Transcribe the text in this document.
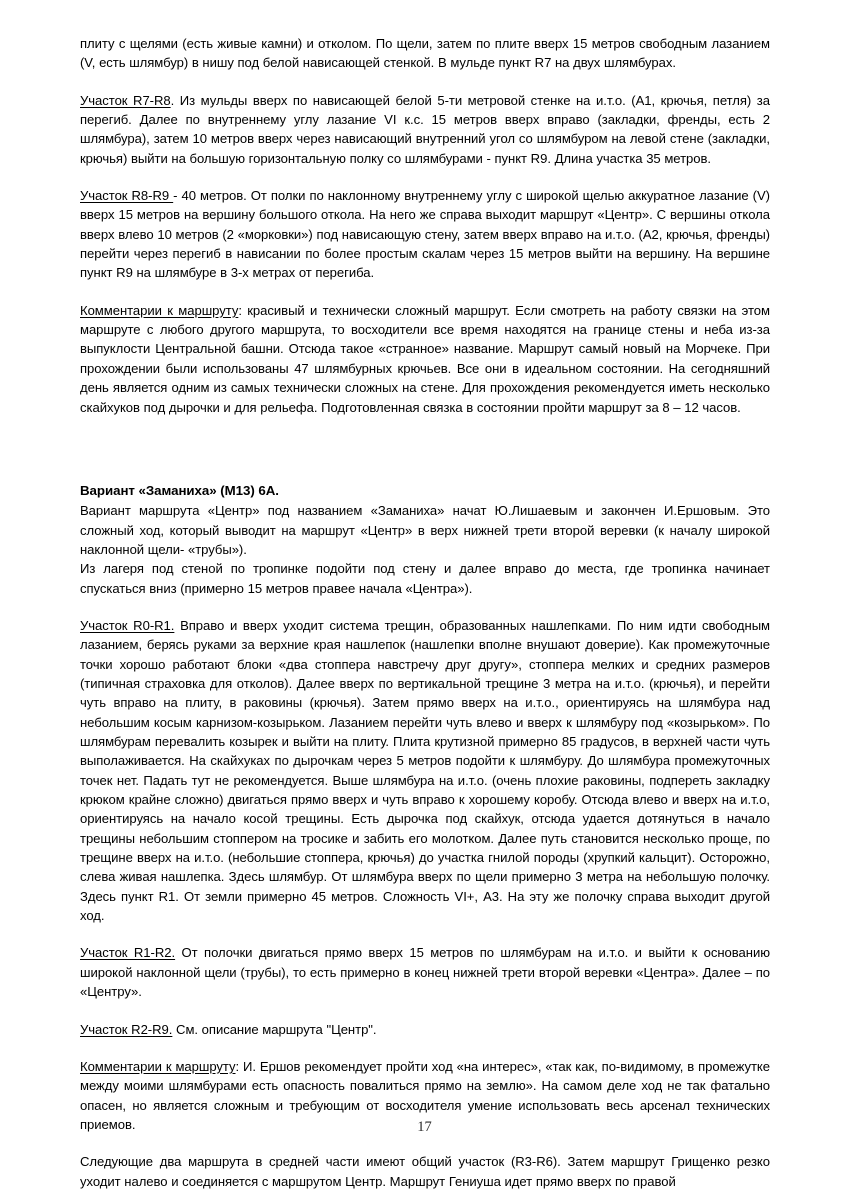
плиту с щелями (есть живые камни) и отколом. По щели, затем по плите вверх 15 метров свободным лазанием (V, есть шлямбур) в нишу под белой нависающей стенкой. В мульде пункт R7 на двух шлямбурах.

Участок R7-R8. Из мульды вверх по нависающей белой 5-ти метровой стенке на и.т.о. (А1, крючья, петля) за перегиб. Далее по внутреннему углу лазание VI к.с. 15 метров вверх вправо (закладки, френды, есть 2 шлямбура), затем 10 метров вверх через нависающий внутренний угол со шлямбуром на левой стене (закладки, крючья) выйти на большую горизонтальную полку со шлямбурами - пункт R9. Длина участка 35 метров.

Участок R8-R9 - 40 метров. От полки по наклонному внутреннему углу с широкой щелью аккуратное лазание (V) вверх 15 метров на вершину большого откола. На него же справа выходит маршрут «Центр». С вершины откола вверх влево 10 метров (2 «морковки») под нависающую стену, затем вверх вправо на и.т.о. (А2, крючья, френды) перейти через перегиб в нависании по более простым скалам через 15 метров выйти на вершину. На вершине пункт R9 на шлямбуре в 3-х метрах от перегиба.

Комментарии к маршруту: красивый и технически сложный маршрут. Если смотреть на работу связки на этом маршруте с любого другого маршрута, то восходители все время находятся на границе стены и неба из-за выпуклости Центральной башни. Отсюда такое «странное» название. Маршрут самый новый на Морчеке. При прохождении были использованы 47 шлямбурных крючьев. Все они в идеальном состоянии. На сегодняшний день является одним из самых технически сложных на стене. Для прохождения рекомендуется иметь несколько скайхуков под дырочки и для рельефа. Подготовленная связка в состоянии пройти маршрут за 8 – 12 часов.

Вариант «Заманиха» (М13) 6А.

Вариант маршрута «Центр» под названием «Заманиха» начат Ю.Лишаевым и закончен И.Ершовым. Это сложный ход, который выводит на маршрут «Центр» в верх нижней трети второй веревки (к началу широкой наклонной щели- «трубы»).

Из лагеря под стеной по тропинке подойти под стену и далее вправо до места, где тропинка начинает спускаться вниз (примерно 15 метров правее начала «Центра»).

Участок R0-R1. Вправо и вверх уходит система трещин, образованных нашлепками. По ним идти свободным лазанием, берясь руками за верхние края нашлепок (нашлепки вполне внушают доверие). Как промежуточные точки хорошо работают блоки «два стоппера навстречу друг другу», стоппера мелких и средних размеров (типичная страховка для отколов). Далее вверх по вертикальной трещине 3 метра на и.т.о. (крючья), и перейти чуть вправо на плиту, в раковины (крючья). Затем прямо вверх на и.т.о., ориентируясь на шлямбура над небольшим косым карнизом-козырьком. Лазанием перейти чуть влево и вверх к шлямбуру под «козырьком». По шлямбурам перевалить козырек и выйти на плиту. Плита крутизной примерно 85 градусов, в верхней части чуть выполаживается. На скайхуках по дырочкам через 5 метров подойти к шлямбуру. До шлямбура промежуточных точек нет. Падать тут не рекомендуется. Выше шлямбура на и.т.о. (очень плохие раковины, подпереть закладку крюком крайне сложно) двигаться прямо вверх и чуть вправо к хорошему коробу. Отсюда влево и вверх на и.т.о, ориентируясь на начало косой трещины. Есть дырочка под скайхук, отсюда удается дотянуться в начало трещины небольшим стоппером на тросике и забить его молотком. Далее путь становится несколько проще, по трещине вверх на и.т.о. (небольшие стоппера, крючья) до участка гнилой породы (хрупкий кальцит). Осторожно, слева живая нашлепка. Здесь шлямбур. От шлямбура вверх по щели примерно 3 метра на небольшую полочку. Здесь пункт R1. От земли примерно 45 метров. Сложность VI+, А3. На эту же полочку справа выходит другой ход.

Участок R1-R2. От полочки двигаться прямо вверх 15 метров по шлямбурам на и.т.о. и выйти к основанию широкой наклонной щели (трубы), то есть примерно в конец нижней трети второй веревки «Центра». Далее – по «Центру».

Участок R2-R9. См. описание маршрута "Центр".

Комментарии к маршруту: И. Ершов рекомендует пройти ход «на интерес», «так как, по-видимому, в промежутке между моими шлямбурами есть опасность повалиться прямо на землю». На самом деле ход не так фатально опасен, но является сложным и требующим от восходителя умение использовать весь арсенал технических приемов.

Следующие два маршрута в средней части имеют общий участок (R3-R6). Затем маршрут Грищенко резко уходит налево и соединяется с маршрутом Центр. Маршрут Гениуша идет прямо вверх по правой

17
